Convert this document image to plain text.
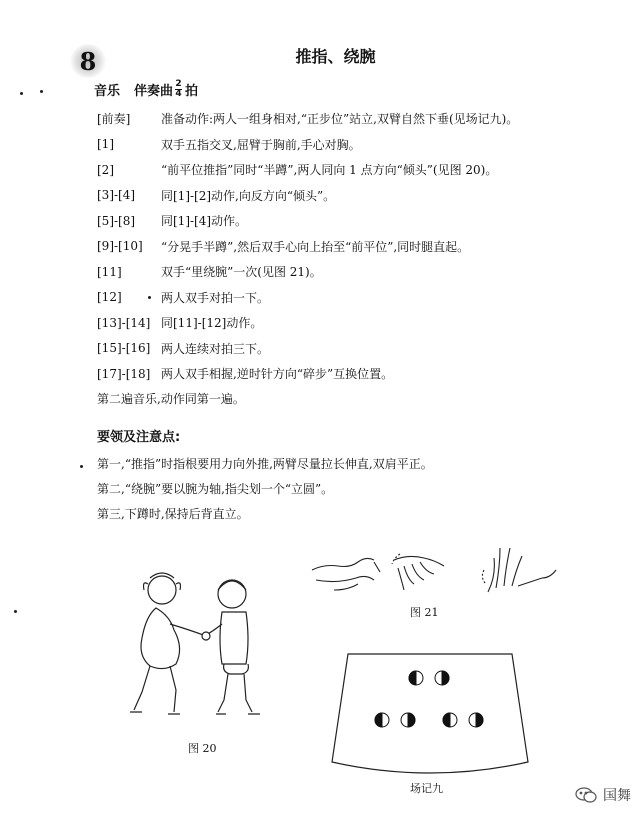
8	推指、绕腕
音乐 伴奏曲 $\frac{2}{4}$ 拍
[前奏]	准备动作:两人一组身相对,“正步位”站立,双臂自然下垂(见场记九)。
[1]	双手五指交叉,屈臂于胸前,手心对胸。
[2]	“前平位推指”同时“半蹲”,两人同向 1 点方向“倾头”(见图 20)。
[3]-[4]	同[1]-[2]动作,向反方向“倾头”。
[5]-[8]	同[1]-[4]动作。
[9]-[10]	“分晃手半蹲”,然后双手心向上抬至“前平位”,同时腿直起。
[11]	双手“里绕腕”一次(见图 21)。
[12]	两人双手对拍一下。
[13]-[14] 同[11]-[12]动作。
[15]-[16] 两人连续对拍三下。
[17]-[18] 两人双手相握,逆时针方向“碎步”互换位置。
第二遍音乐,动作同第一遍。
要领及注意点:
第一,“推指”时指根要用力向外推,两臂尽量拉长伸直,双肩平正。
第二,“绕腕”要以腕为轴,指尖划一个“立圆”。
第三,下蹲时,保持后背直立。
图 20
图 21
场记九	国舞
